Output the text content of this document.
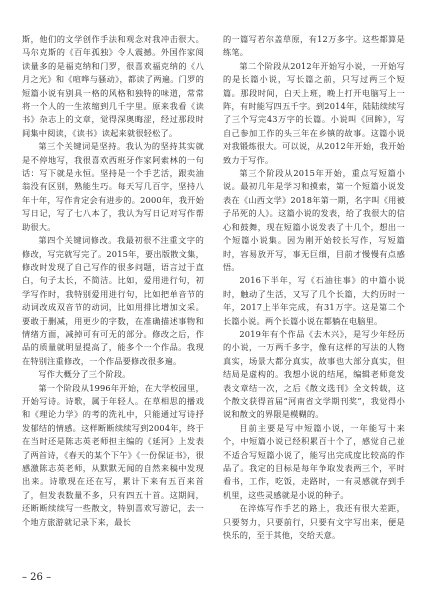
斯，他们的文学创作手法和观念对我冲击很大。马尔克斯的《百年孤独》令人震撼。外国作家阅读量多的是福克纳和门罗，很喜欢福克纳的《八月之光》和《喧哗与骚动》，都读了两遍。门罗的短篇小说有别具一格的风格和独特的味道，常常将一个人的一生浓缩到几千字里。原来我看《读书》杂志上的文章，觉得深奥晦涩，经过那段时间集中阅读，《读书》读起来就很轻松了。

第三个关键词是坚持。我认为的坚持其实就是不停地写，我很喜欢西班牙作家阿索林的一句话：写下就是永恒。坚持是一个手艺活，跟卖油翁没有区别，熟能生巧。每天写几百字，坚持八年十年，写作肯定会有进步的。2000年，我开始写日记，写了七八本了，我认为写日记对写作帮助很大。

第四个关键词修改。我最初很不注重文字的修改，写完就写完了。2015年，要出版散文集，修改时发现了自己写作的很多问题，语言过于直白，句子太长，不简洁。比如，爱用进行句，初学写作时，我特别爱用进行句，比如把单音节的动词改成双音节的动词，比如用排比增加文采。要敢于删减，用更少的字数，在准确描述事物和情绪方面，减掉可有可无的部分。修改之后，作品的质量就明显提高了，能多个一个作品。我现在特别注重修改，一个作品要修改很多遍。

写作大概分了三个阶段。

第一个阶段从1996年开始，在大学校园里，开始写诗。诗歌，属于年轻人。在草相思的播戏和《理论力学》的考的洗礼中，只能通过写诗抒发郁结的情感。这样断断续续写到2004年，终于在当时还是陈志英老师担主编的《延河》上发表了两首诗，《春天的某个下午》《一份保证书》，很感激陈志英老师，从默默无闻的自然来稿中发现出来。诗歌现在还在写，累计下来有五百来首了，但发表数量不多，只有四五十首。这期间，还断断续续写一些散文，特别喜欢写游记，去一个地方旅游就记录下来，最长

的一篇写若尔盖草原，有12万多字。这些都算是练笔。

第二个阶段从2012年开始写小说，一开始写的是长篇小说，写长篇之前，只写过两三个短篇。那段时间，白天上班，晚上打开电脑写上一阵，有时能写四五千字。到2014年，陆陆续续写了三个写完43万字的长篇。小说叫《回眸》，写自己参加工作的头三年在乡镇的故事。这篇小说对我锻炼很大。可以说，从2012年开始，我开始致力于写作。

第三个阶段从2015年开始，重点写短篇小说。最初几年是学习和摸索，第一个短篇小说发表在《山西文学》2018年第一期，名字叫《用被子吊死的人》。这篇小说的发表，给了我很大的信心和鼓舞，现在短篇小说发表了十几个，想出一个短篇小说集。因为刚开始较长写作，写短篇时，容易放开写，事无巨细，目前才慢慢有点感悟。

2016下半年，写《石油往事》的中篇小说时，触动了生活，又写了几个长篇，大约历时一年，2017上半年完成，有31万字。这是第二个长篇小说。两个长篇小说在都躺在电脑里。

2019年有个作品《去木兴》，是写少年经历的小说，一万两千多字，像有这样的写法的人物真实，场景大都分真实，故事也大部分真实，但结局是虚构的。我想小说的结尾，编辑老师竟发表文章结一次，之后《散文选刊》全文转载，这个散文获得首届“河南省文学期刊奖”，我觉得小说和散文的界限是模糊的。

目前主要是写中短篇小说，一年能写十来个，中短篇小说已经积累百十个了，感觉自己並不适合写短篇小说了，能写出完成度比较高的作品了。我定的目标是每年争取发表两三个，平时看书，工作，吃饭，走路时，一有灵感就存到手机里，这些灵感就是小说的种子。

在淬炼写作手艺的路上，我还有很大差距，只要努力，只要前行，只要有文字写出来，便是快乐的，至于其他，交给天意。

– 26 –
